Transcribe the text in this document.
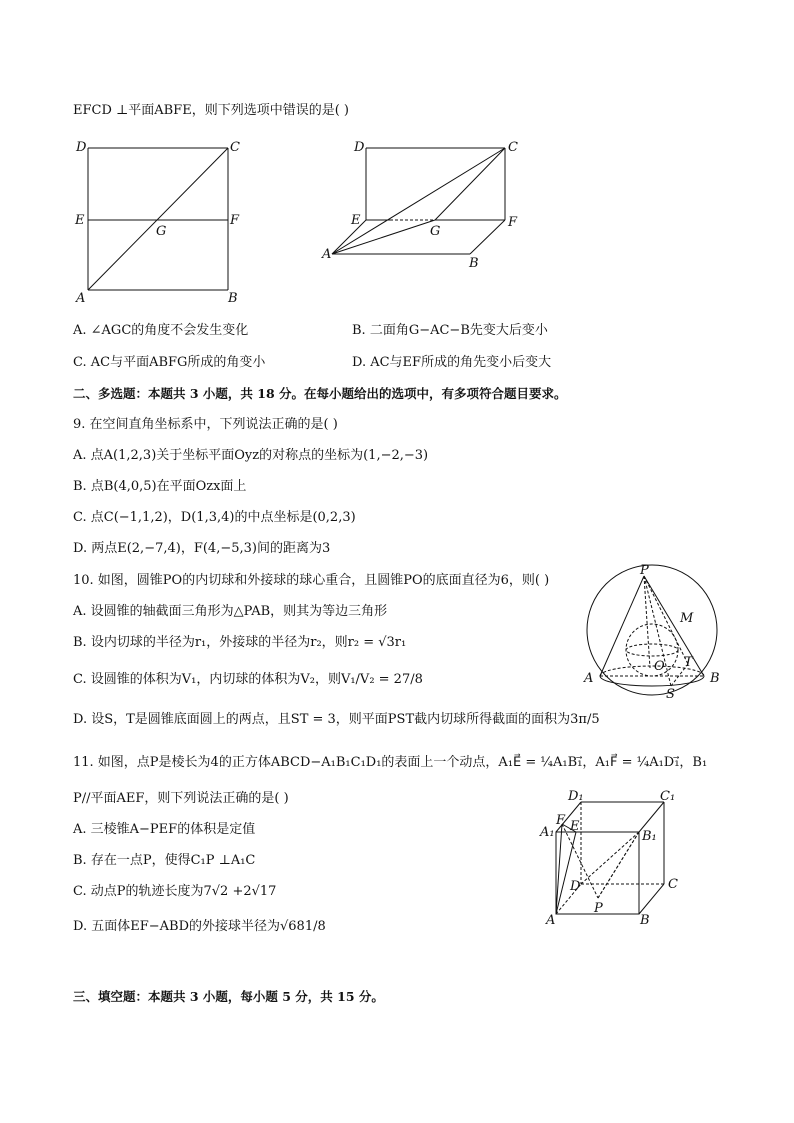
EFCD ⊥平面ABFE，则下列选项中错误的是( )
D	C
E	F
G
A	B
D	C
E	F
G
A
B
A. ∠AGC的角度不会发生变化	B. 二面角G−AC−B先变大后变小
C. AC与平面ABFG所成的角变小	D. AC与EF所成的角先变小后变大
二、多选题：本题共 3 小题，共 18 分。在每小题给出的选项中，有多项符合题目要求。
9. 在空间直角坐标系中，下列说法正确的是( )
A. 点A(1,2,3)关于坐标平面Oyz的对称点的坐标为(1,−2,−3)
B. 点B(4,0,5)在平面Ozx面上
C. 点C(−1,1,2)，D(1,3,4)的中点坐标是(0,2,3)
D. 两点E(2,−7,4)，F(4,−5,3)间的距离为3
10. 如图，圆锥PO的内切球和外接球的球心重合，且圆锥PO的底面直径为6，则( )
A. 设圆锥的轴截面三角形为△PAB，则其为等边三角形
B. 设内切球的半径为r₁，外接球的半径为r₂，则r₂ = √3r₁
C. 设圆锥的体积为V₁，内切球的体积为V₂，则V₁/V₂ = 27/8
D. 设S，T是圆锥底面圆上的两点，且ST = 3，则平面PST截内切球所得截面的面积为3π/5
P
M
O T
A	B
S
11. 如图，点P是棱长为4的正方体ABCD−A₁B₁C₁D₁的表面上一个动点，A₁E⃗ = ¼A₁B₁⃗，A₁F⃗ = ¼A₁D₁⃗，B₁
P//平面AEF，则下列说法正确的是( )
A. 三棱锥A−PEF的体积是定值
B. 存在一点P，使得C₁P ⊥A₁C
C. 动点P的轨迹长度为7√2 +2√17
D. 五面体EF−ABD的外接球半径为√681/8
D₁	C₁
F E
A₁	B₁
D	C
P
A	B
三、填空题：本题共 3 小题，每小题 5 分，共 15 分。
